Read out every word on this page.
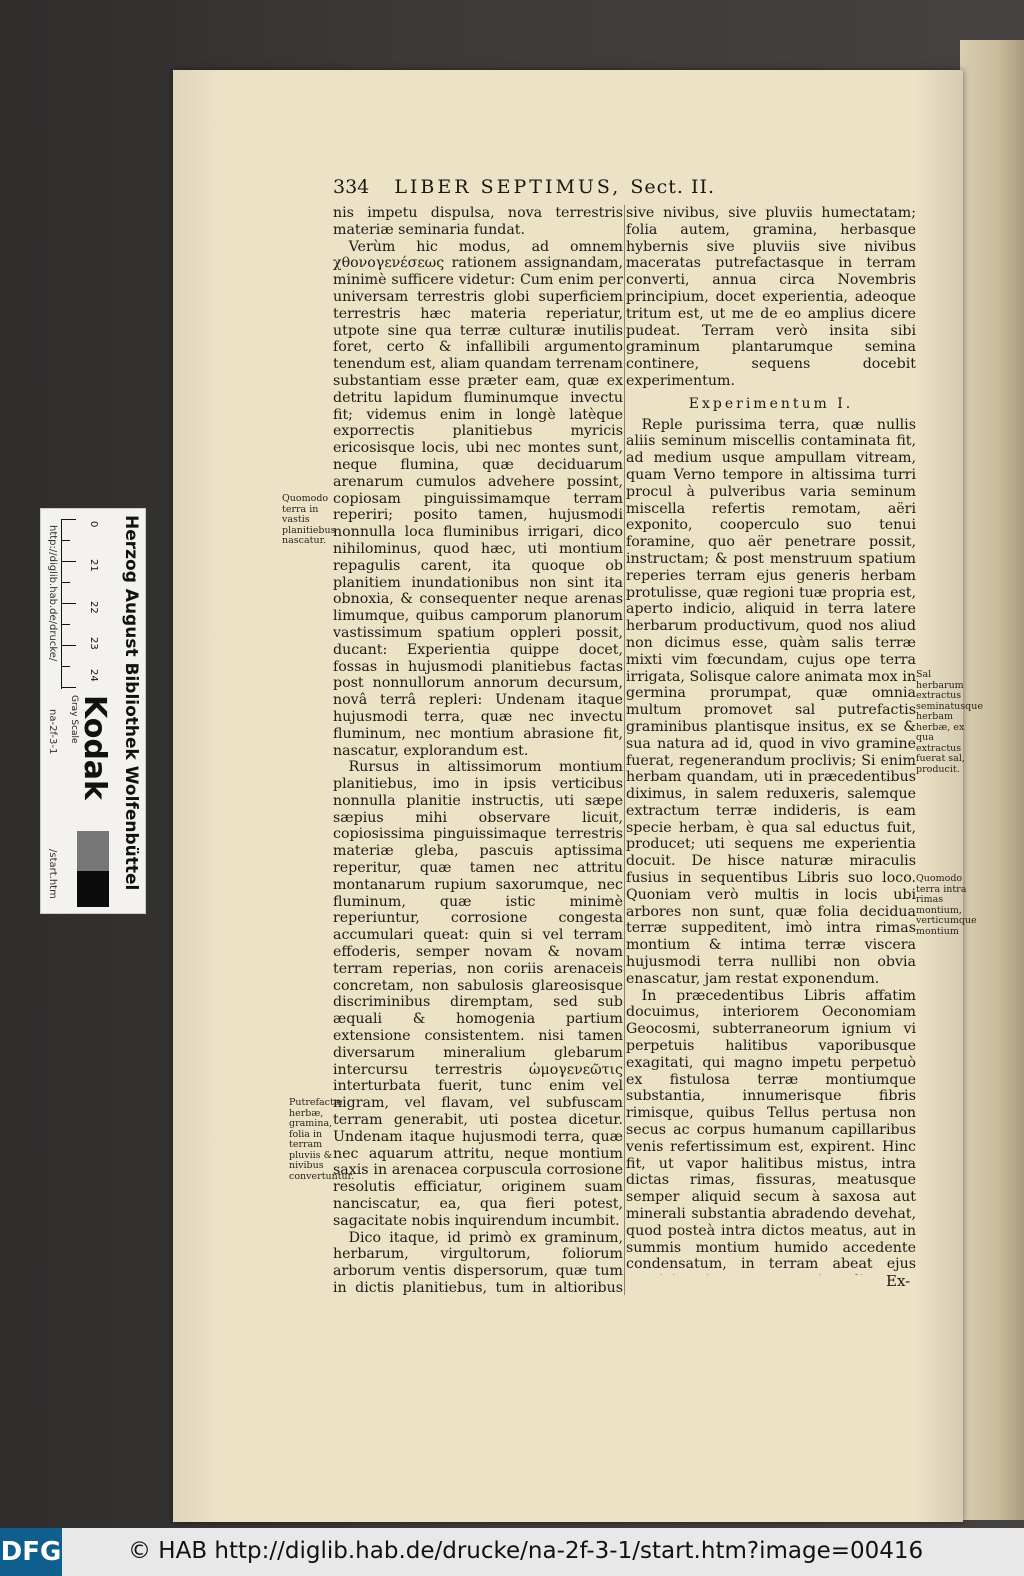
334 LIBER SEPTIMUS, Sect. II.

nis impetu dispulsa, nova terrestris materiæ seminaria fundat.

Verùm hic modus, ad omnem χθονογενέσεως rationem assignandam, minimè sufficere videtur: Cum enim per universam terrestris globi superficiem terrestris hæc materia reperiatur, utpote sine qua terræ culturæ inutilis foret, certo & infallibili argumento tenendum est, aliam quandam terrenam substantiam esse præter eam, quæ ex detritu lapidum fluminumque invectu fit; videmus enim in longè latèque exporrectis planitiebus myricis ericosisque locis, ubi nec montes sunt, neque flumina, quæ deciduarum arenarum cumulos advehere possint, copiosam pinguissimamque terram reperiri; posito tamen, hujusmodi nonnulla loca fluminibus irrigari, dico nihilominus, quod hæc, uti montium repagulis carent, ita quoque ob planitiem inundationibus non sint ita obnoxia, & consequenter neque arenas limumque, quibus camporum planorum vastissimum spatium oppleri possit, ducant: Experientia quippe docet, fossas in hujusmodi planitiebus factas post nonnullorum annorum decursum, novâ terrâ repleri: Undenam itaque hujusmodi terra, quæ nec invectu fluminum, nec montium abrasione fit, nascatur, explorandum est.

Rursus in altissimorum montium planitiebus, imo in ipsis verticibus nonnulla planitie instructis, uti sæpe sæpius mihi observare licuit, copiosissima pinguissimaque terrestris materiæ gleba, pascuis aptissima reperitur, quæ tamen nec attritu montanarum rupium saxorumque, nec fluminum, quæ istic minimè reperiuntur, corrosione congesta accumulari queat: quin si vel terram effoderis, semper novam & novam terram reperias, non coriis arenaceis concretam, non sabulosis glareosisque discriminibus diremptam, sed sub æquali & homogenia partium extensione consistentem. nisi tamen diversarum mineralium glebarum intercursu terrestris ὡμογενεῶτις interturbata fuerit, tunc enim vel nigram, vel flavam, vel subfuscam terram generabit, uti postea dicetur. Undenam itaque hujusmodi terra, quæ nec aquarum attritu, neque montium saxis in arenacea corpuscula corrosione resolutis efficiatur, originem suam nanciscatur, ea, qua fieri potest, sagacitate nobis inquirendum incumbit.

Dico itaque, id primò ex graminum, herbarum, virgultorum, foliorum arborum ventis dispersorum, quæ tum in dictis planitiebus, tum in altioribus

sive nivibus, sive pluviis humectatam; folia autem, gramina, herbasque hybernis sive pluviis sive nivibus maceratas putrefactasque in terram converti, annua circa Novembris principium, docet experientia, adeoque tritum est, ut me de eo amplius dicere pudeat. Terram verò insita sibi graminum plantarumque semina continere, sequens docebit experimentum.

Experimentum I.

Reple purissima terra, quæ nullis aliis seminum miscellis contaminata fit, ad medium usque ampullam vitream, quam Verno tempore in altissima turri procul à pulveribus varia seminum miscella refertis remotam, aëri exponito, cooperculo suo tenui foramine, quo aër penetrare possit, instructam; & post menstruum spatium reperies terram ejus generis herbam protulisse, quæ regioni tuæ propria est, aperto indicio, aliquid in terra latere herbarum productivum, quod nos aliud non dicimus esse, quàm salis terræ mixti vim fœcundam, cujus ope terra irrigata, Solisque calore animata mox in germina prorumpat, quæ omnia multum promovet sal putrefactis graminibus plantisque insitus, ex se & sua natura ad id, quod in vivo gramine fuerat, regenerandum proclivis; Si enim herbam quandam, uti in præcedentibus diximus, in salem reduxeris, salemque extractum terræ indideris, is eam specie herbam, è qua sal eductus fuit, producet; uti sequens me experientia docuit. De hisce naturæ miraculis fusius in sequentibus Libris suo loco. Quoniam verò multis in locis ubi arbores non sunt, quæ folia decidua terræ suppeditent, imò intra rimas montium & intima terræ viscera hujusmodi terra nullibi non obvia enascatur, jam restat exponendum.

In præcedentibus Libris affatim docuimus, interiorem Oeconomiam Geocosmi, subterraneorum ignium vi perpetuis halitibus vaporibusque exagitati, qui magno impetu perpetuò ex fistulosa terræ montiumque substantia, innumerisque fibris rimisque, quibus Tellus pertusa non secus ac corpus humanum capillaribus venis refertissimum est, expirent. Hinc fit, ut vapor halitibus mistus, intra dictas rimas, fissuras, meatusque semper aliquid secum à saxosa aut minerali substantia abradendo devehat, quod posteà intra dictos meatus, aut in summis montium humido accedente condensatum, in terram abeat ejus

Quomodo terra in vastis planitiebus nascatur.
Putrefactæ herbæ, gramina, folia in terram pluviis & nivibus convertuntur.
Sal herbarum extractus seminatusque herbam herbæ, ex qua extractus fuerat sal, producit.
Quomodo terra intra rimas montium, verticumque montium
Ex-
Herzog August Bibliothek Wolfenbüttel
0
21
22
23
24
Kodak
Gray Scale
http://diglib.hab.de/drucke/
na-2f-3-1
/start.htm
DFG	© HAB http://diglib.hab.de/drucke/na-2f-3-1/start.htm?image=00416
